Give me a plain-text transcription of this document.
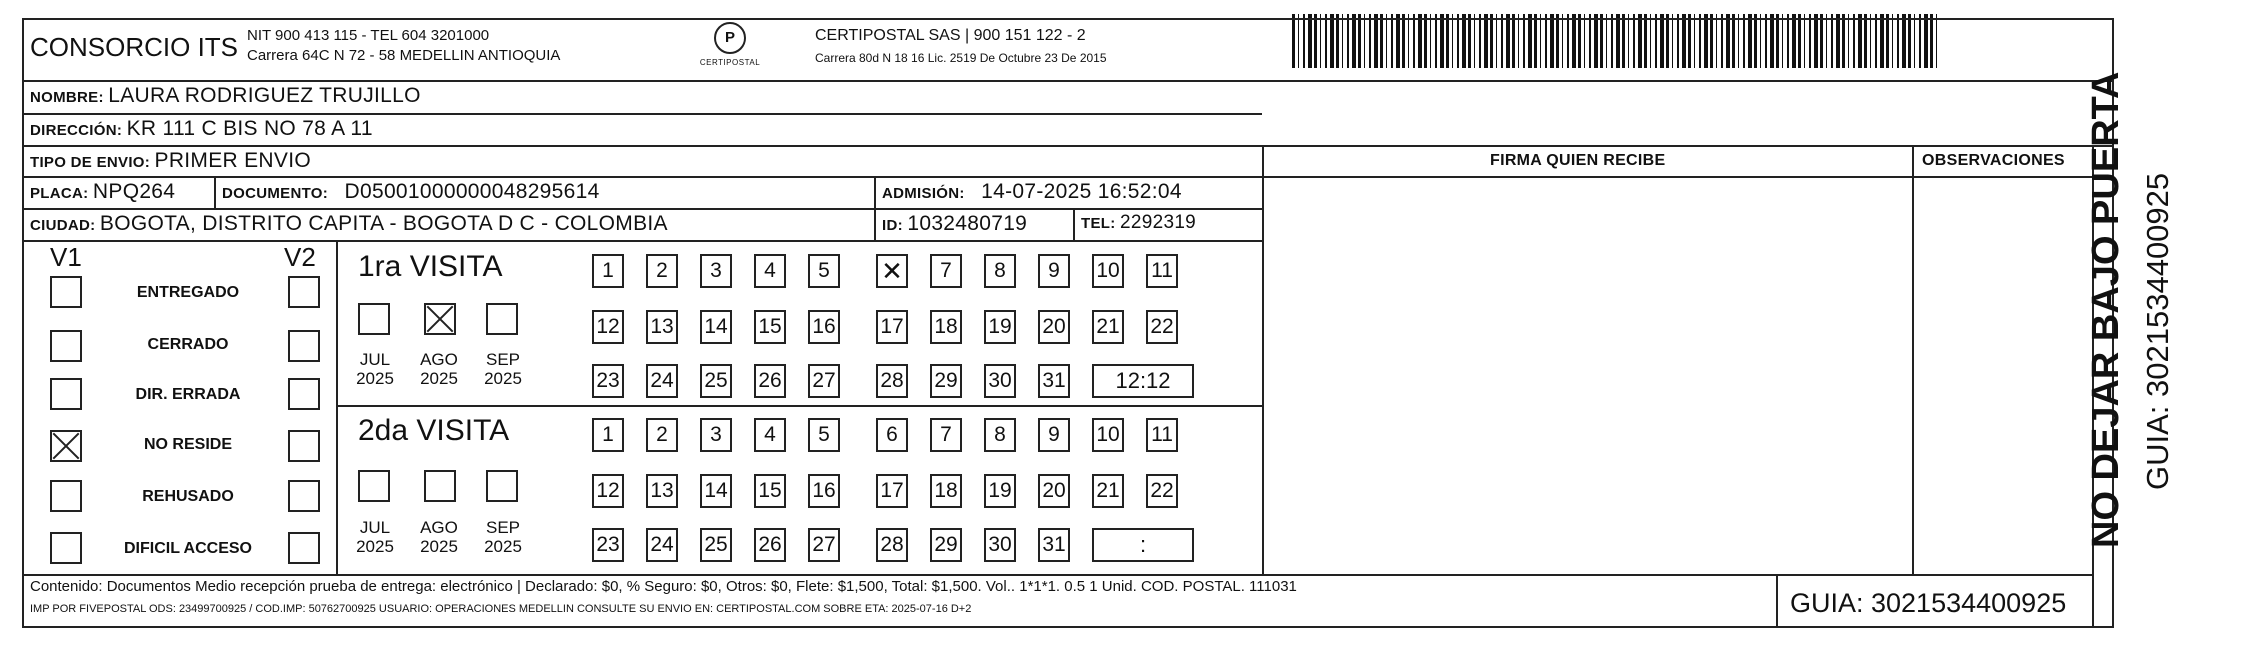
CONSORCIO ITS NIT 900 413 115 - TEL 604 3201000
Carrera 64C N 72 - 58 MEDELLIN ANTIOQUIA
P
CERTIPOSTAL
CERTIPOSTAL SAS | 900 151 122 - 2
Carrera 80d N 18 16 Lic. 2519 De Octubre 23 De 2015
NOMBRE: LAURA RODRIGUEZ TRUJILLO
DIRECCIÓN: KR 111 C BIS NO 78 A 11
TIPO DE ENVIO: PRIMER ENVIO	FIRMA QUIEN RECIBE	OBSERVACIONES
PLACA: NPQ264	DOCUMENTO: D05001000000048295614	ADMISIÓN: 14-07-2025 16:52:04
CIUDAD: BOGOTA, DISTRITO CAPITA - BOGOTA D C - COLOMBIA	ID: 1032480719	TEL: 2292319
V1	V2
ENTREGADO
CERRADO
DIR. ERRADA
NO RESIDE
REHUSADO
DIFICIL ACCESO
1ra VISITA
2da VISITA
JUL
2025
AGO
2025
SEP
2025
JUL
2025
AGO
2025
SEP
2025
1	2	3	4	5
✕	7	8	9	10 11
12 13 14 15 16 17 18 19 20 21 22
23 24 25 26 27 28 29 30 31	12:12
1	2	3	4	5	6	7	8	9	10 11
12 13 14 15 16 17 18 19 20 21 22
23 24 25 26 27 28 29 30 31	:
Contenido: Documentos Medio recepción prueba de entrega: electrónico | Declarado: $0, % Seguro: $0, Otros: $0, Flete: $1,500, Total: $1,500. Vol.. 1*1*1. 0.5 1 Unid. COD. POSTAL. 111031
IMP POR FIVEPOSTAL ODS: 23499700925 / COD.IMP: 50762700925 USUARIO: OPERACIONES MEDELLIN CONSULTE SU ENVIO EN: CERTIPOSTAL.COM SOBRE ETA: 2025-07-16 D+2	GUIA: 3021534400925
NO DEJAR BAJO PUERTA GUIA: 3021534400925
